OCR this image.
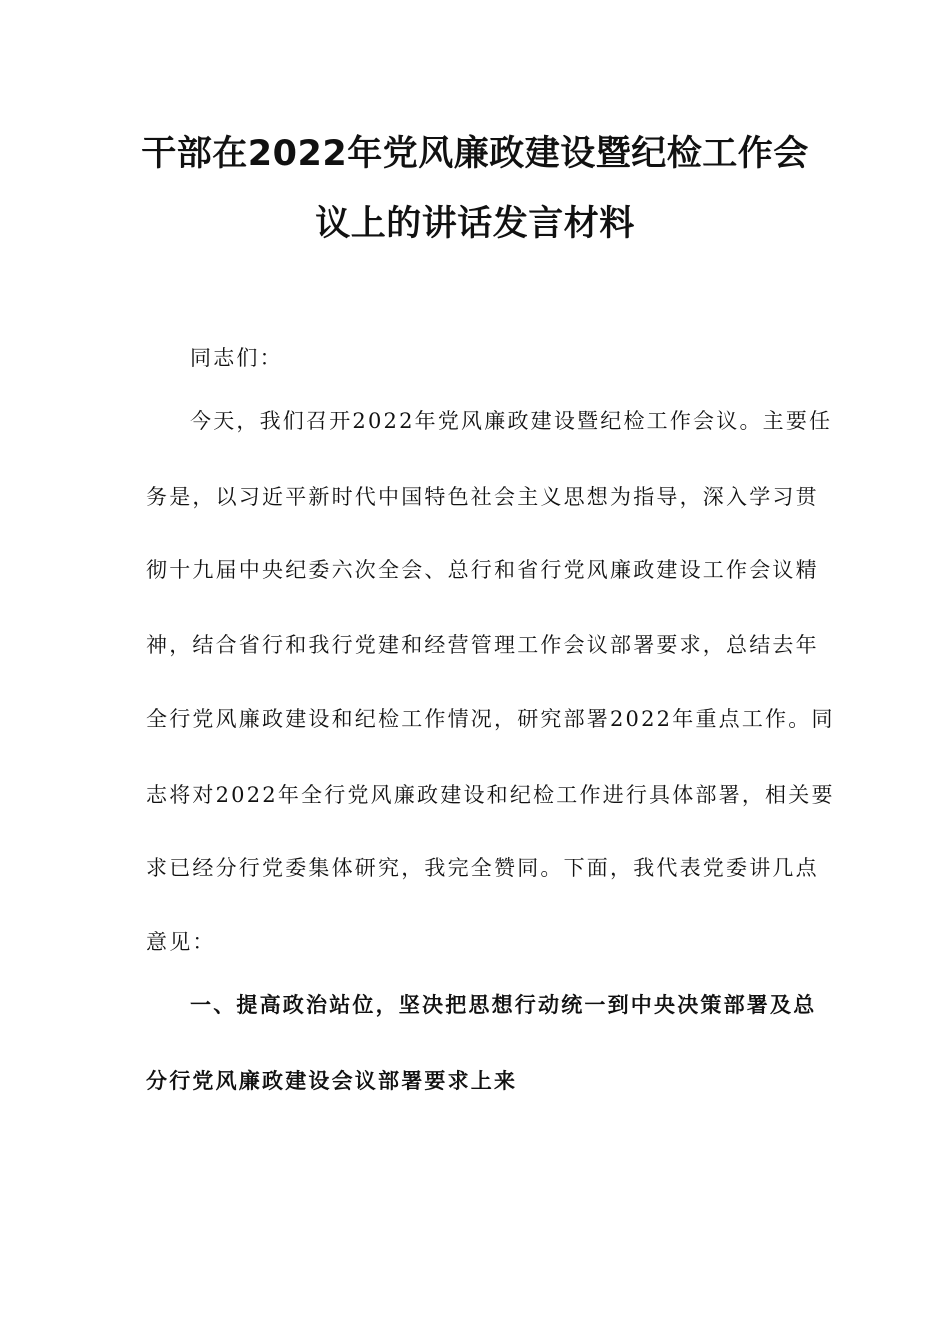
干部在2022年党风廉政建设暨纪检工作会
议上的讲话发言材料
同志们：
今天，我们召开2022年党风廉政建设暨纪检工作会议。主要任
务是，以习近平新时代中国特色社会主义思想为指导，深入学习贯
彻十九届中央纪委六次全会、总行和省行党风廉政建设工作会议精
神，结合省行和我行党建和经营管理工作会议部署要求，总结去年
全行党风廉政建设和纪检工作情况，研究部署2022年重点工作。同
志将对2022年全行党风廉政建设和纪检工作进行具体部署，相关要
求已经分行党委集体研究，我完全赞同。下面，我代表党委讲几点
意见：
一、提高政治站位，坚决把思想行动统一到中央决策部署及总
分行党风廉政建设会议部署要求上来
